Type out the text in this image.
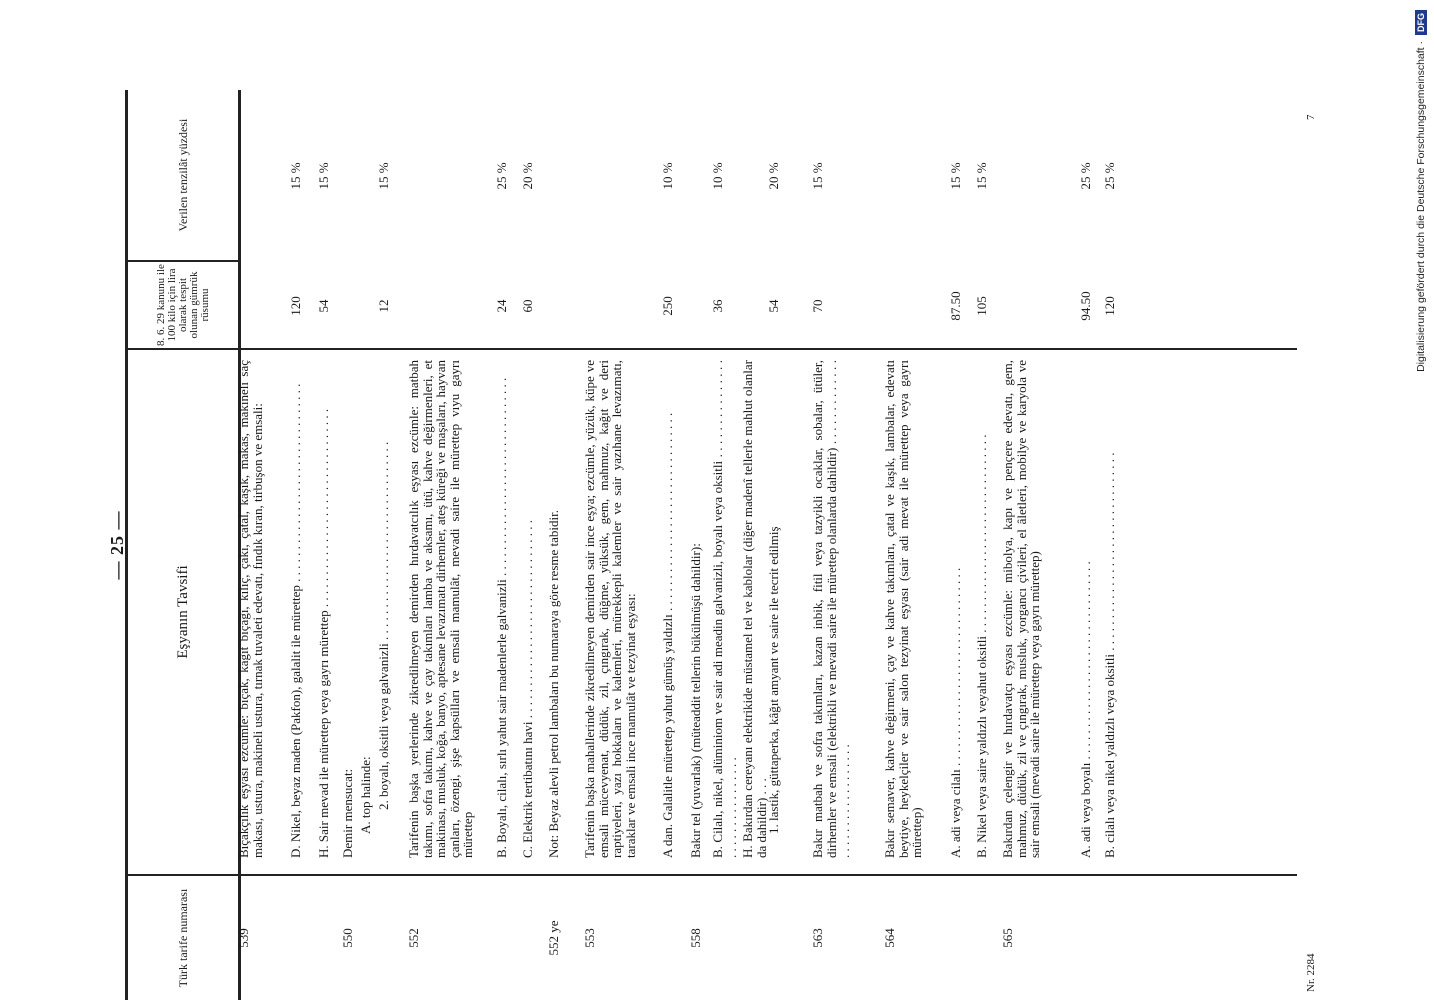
— 25 —
Türk tarife numarası
Eşyanın Tavsifi
8. 6. 29 kanunu ile 100 kilo için lira olarak tespit olunan gümrük rüsumu
Verilen tenzilât yüzdesi
539
Bıçakçılık eşyası ezcümle: bıçak, kağıt bıçağı, kılıç, çakı, çatal, kaşık, makas, makineli saç makası, ustura, makineli ustura, tırnak tuvaleti edevatı, fındık kıran, tirbuşon ve emsali: D. Nikel, beyaz maden (Pakfon), galalit ile mürettep . . .
120
15 %
H. Sair mevad ile mürettep veya gayrı mürettep . . .
54
15 %
550
Demir mensucat: A. top halinde: 2. boyalı, oksitli veya galvanizli . . .
12
15 %
552
Tarifenin başka yerlerinde zikredilmeyen demirden hırdavatcılık eşyası ezcümle: matbah takımı, sofra takımı, kahve ve çay takımları lamba ve aksamı, ütü, kahve değirmenleri, et makinası, musluk, koğa, banyo, aptesane levazımatı dirhemler, ateş küreği ve maşaları, hayvan çanları, özengi, şişe kapsülları ve emsali mamulât, mevadi saire ile mürettep vıyu gayrı mürettep B. Boyalı, cilalı, sırlı yahut sair madenlerle galvanizli . . .
24
25 %
C. Elektrik tertibatını havi . . .
60
20 %
552 ye
Not: Beyaz alevli petrol lambaları bu numaraya göre resme tabidir.
553
Tarifenin başka mahallerinde zikredilmeyen demirden sair ince eşya; ezcümle, yüzük, küpe ve emsali mücevyenat, düdük, zil, çıngırak, düğme, yüksük, gem, mahmuz, kağıt ve deri raptiyeleri, yazı hokkaları ve kalemleri, mürekkepli kalemler ve sair yazıhane levazımatı, taraklar ve emsali ince mamulât ve tezyinat eşyası: A dan. Galalitle mürettep yahut gümüş yaldızlı . . .
250
10 %
558
Bakır tel (yuvarlak) (müteaddit tellerin bükülmüşü dahildir): B. Cilalı, nikel, alüminiom ve sair adi meadin galvanizli, boyalı veya oksitli . . .
36
10 %
H. Bakırdan cereyanı elektrikide müstamel tel ve kablolar (diğer madenî tellerle mahlut olanlar da dahildir) . . .
1. lastik, güttaperka, kâğıt amyant ve saire ile tecrit edilmiş
54
20 %
563
Bakır matbah ve sofra takımları, kazan inbik, fitil veya tazyikli ocaklar, sobalar, ütüler, dirhemler ve emsali (elektrikli ve mevadi saire ile mürettep olanlarda dahildir) . . .
70
15 %
564
Bakır semaver, kahve değirmeni, çay ve kahve takımları, çatal ve kaşık, lambalar, edevatı beytiye, heykelçiler ve sair salon tezyinat eşyası (sair adi mevat ile mürettep veya gayrı mürettep) A. adi veya cilalı . . .
87.50
15 %
B. Nikel veya saire yaldızlı veyahut oksitli . . .
105
15 %
565
Bakırdan çelengir ve hırdavatçı eşyası ezcümle: mibolya, kapı ve pençere edevatı, gem, mahmuz, düdük, zil ve çıngırak, musluk, yorgancı çivileri, el âletleri, mobilye ve karyola ve sair emsali (mevadi saire ile mürettep veya gayrı mürettep)	A. adi veya boyalı . . .
94.50
25 %
B. cilalı veya nikel yaldızlı veya oksitli . . .
120
25 %
Nr. 2284
7	Digitalisierung gefördert durch die Deutsche Forschungsgemeinschaft ·
DFG
